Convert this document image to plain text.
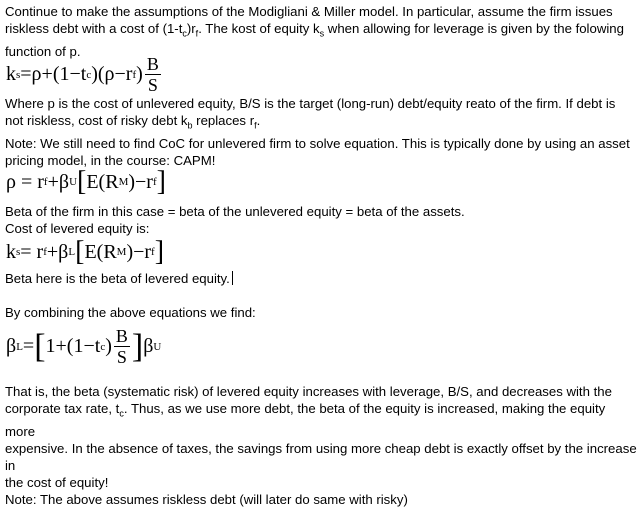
Continue to make the assumptions of the Modigliani & Miller model. In particular, assume the firm issues
riskless debt with a cost of $(1-t_c)r_f$. The kost of equity $k_s$ when allowing for leverage is given by the folowing
function of p.

k s =ρ+(1−t c )(ρ−r f ) $\frac{B}{S}$

Where p is the cost of unlevered equity, B/S is the target (long-run) debt/equity reato of the firm. If debt is
not riskless, cost of risky debt $k_b$ replaces $r_f$.
Note: We still need to find CoC for unlevered firm to solve equation. This is typically done by using an asset
pricing model, in the course: CAPM!

ρ = r f +β U [ E(R M )−r f ]

Beta of the firm in this case = beta of the unlevered equity = beta of the assets.
Cost of levered equity is:

k s = r f +β L [ E(R M )−r f ]

Beta here is the beta of levered equity.

By combining the above equations we find:

β L = [ 1+(1−t c ) $\frac{B}{S}$ ] β U

That is, the beta (systematic risk) of levered equity increases with leverage, B/S, and decreases with the
corporate tax rate, $t_c$. Thus, as we use more debt, the beta of the equity is increased, making the equity more
expensive. In the absence of taxes, the savings from using more cheap debt is exactly offset by the increase in
the cost of equity!
Note: The above assumes riskless debt (will later do same with risky)
